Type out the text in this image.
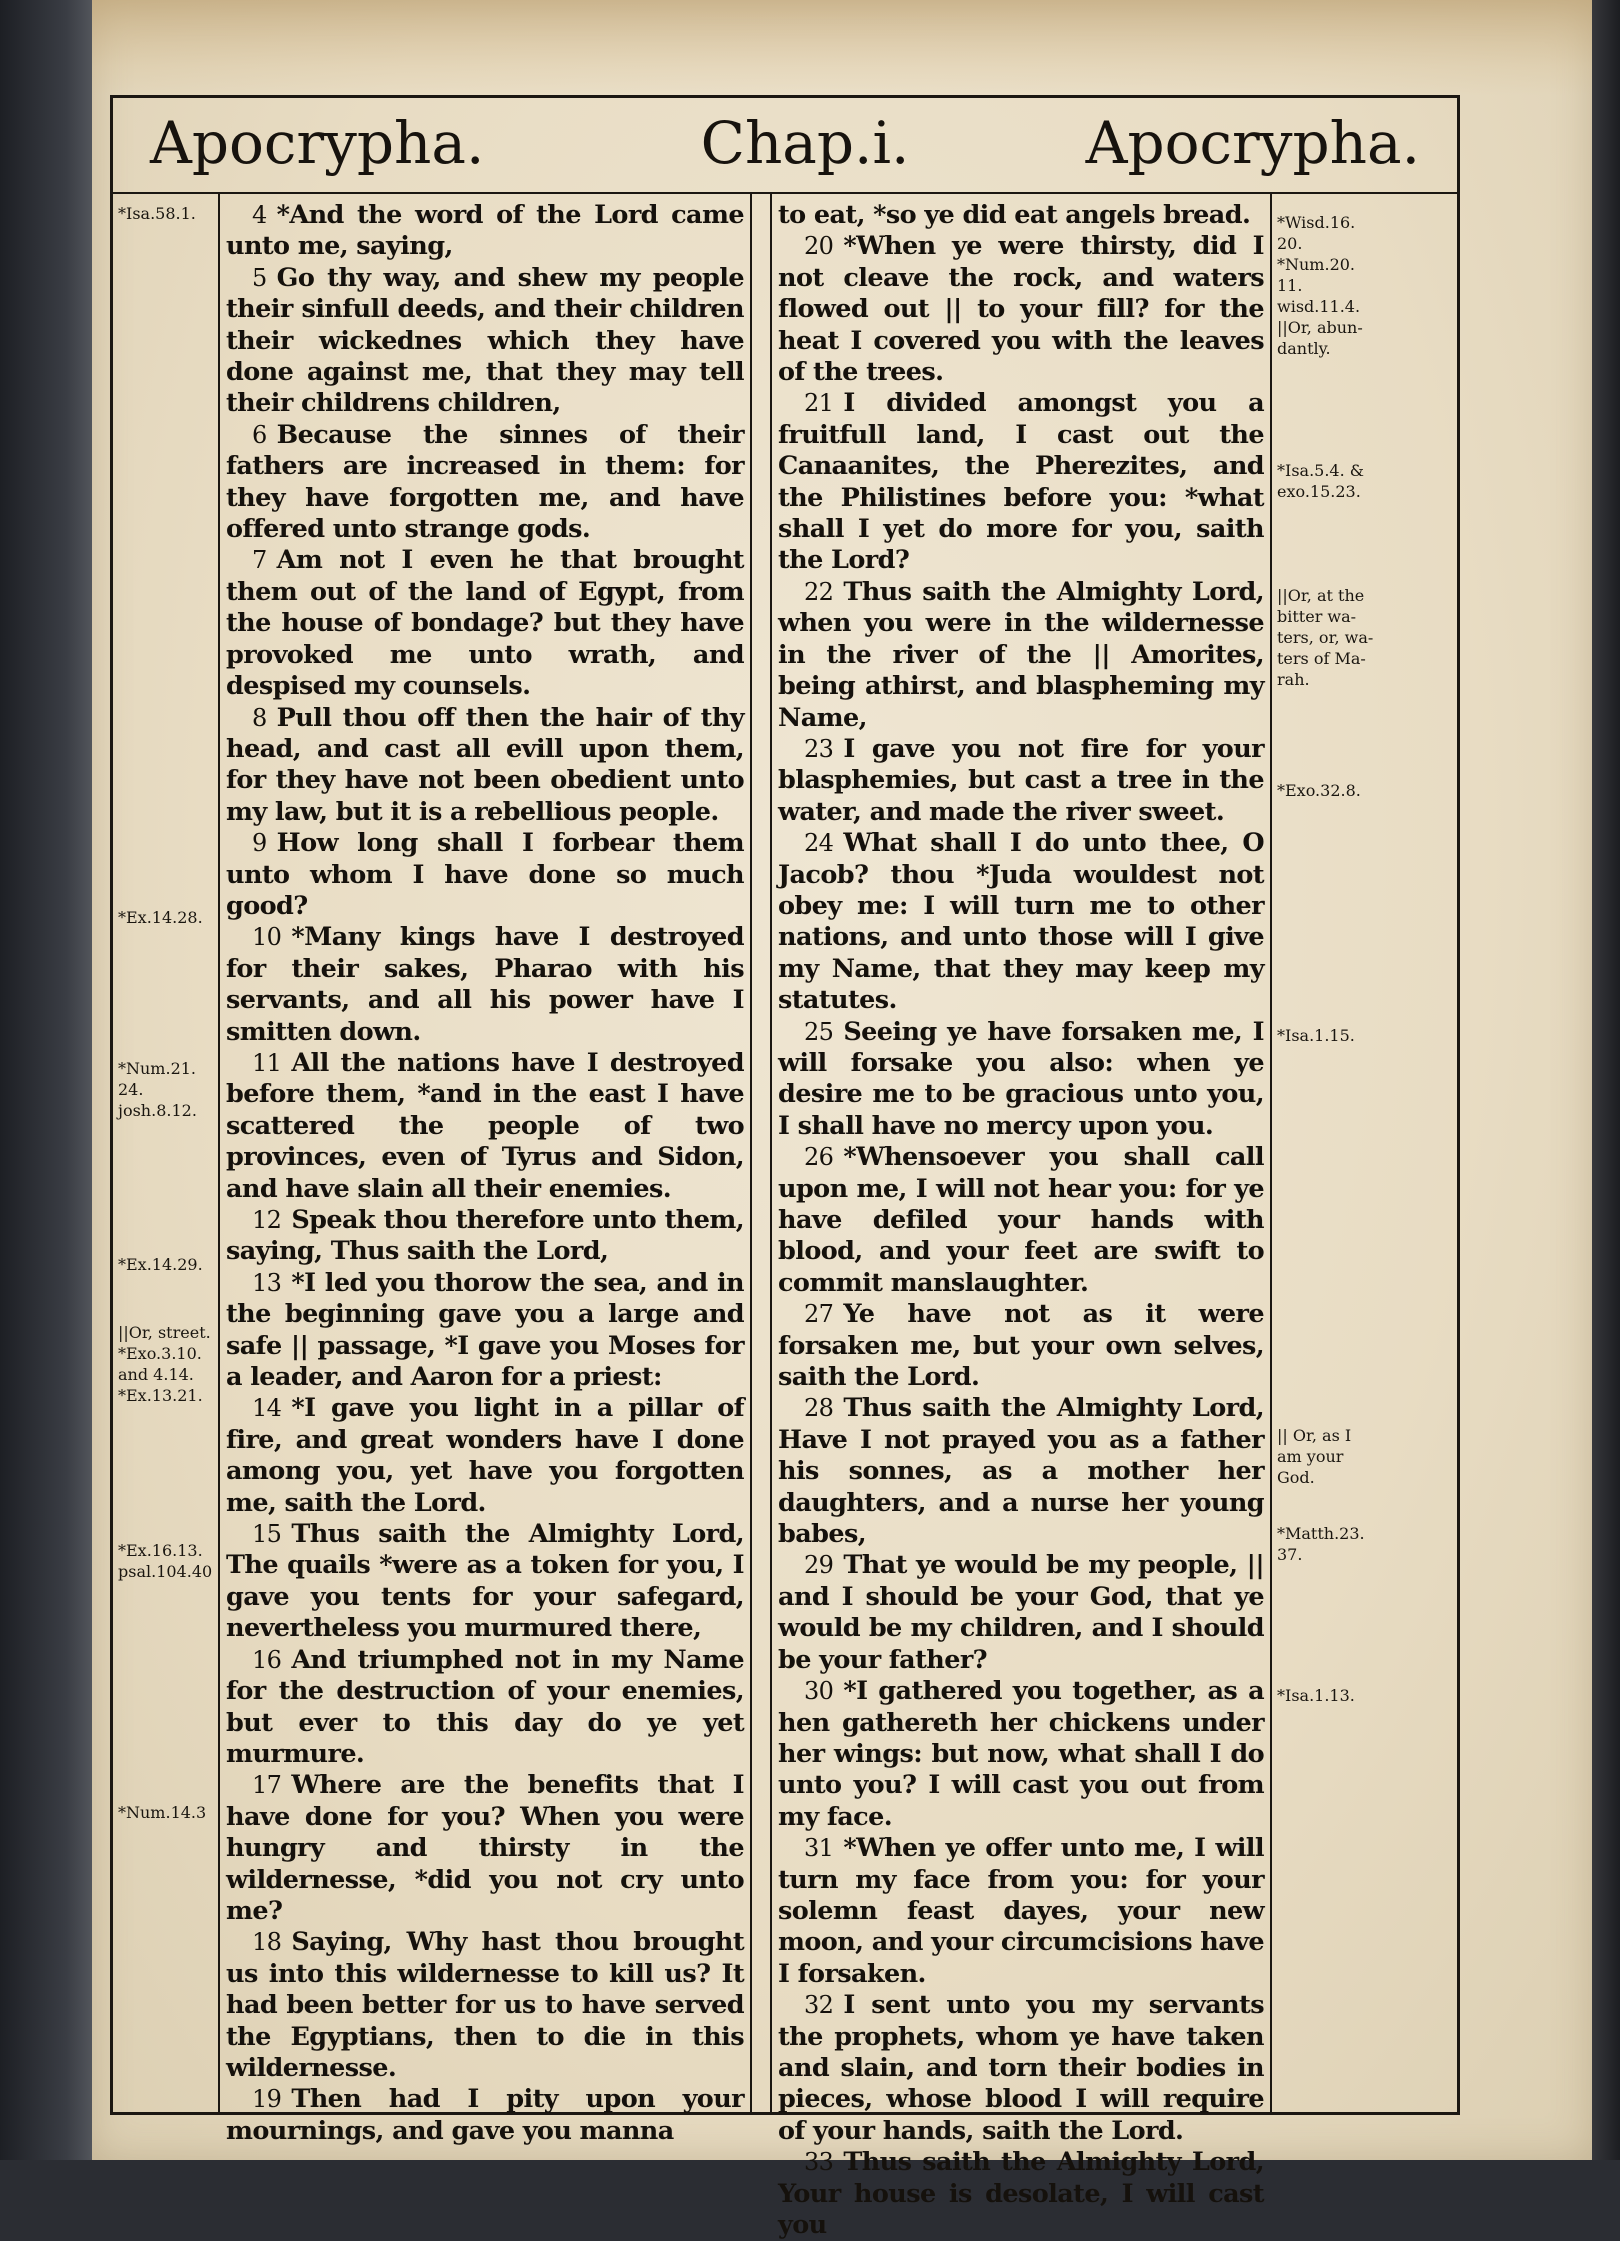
Apocrypha.	Chap.i.	Apocrypha.
*Isa.58.1.
*Ex.14.28.
*Num.21.
24.
josh.8.12.
*Ex.14.29.
||Or, street.
*Exo.3.10.
and 4.14.
*Ex.13.21.
*Ex.16.13.
psal.104.40
*Num.14.3
*Wisd.16.
20.
*Num.20.
11.
wisd.11.4.
||Or, abun-
dantly.
*Isa.5.4. &
exo.15.23.
||Or, at the
bitter wa-
ters, or, wa-
ters of Ma-
rah.
*Exo.32.8.
*Isa.1.15.
|| Or, as I
am your
God.
*Matth.23.
37.
*Isa.1.13.

4 *And the word of the Lord came unto me, saying,

5 Go thy way, and shew my people their sinfull deeds, and their children their wickednes which they have done against me, that they may tell their childrens children,

6 Because the sinnes of their fathers are increased in them: for they have forgotten me, and have offered unto strange gods.

7 Am not I even he that brought them out of the land of Egypt, from the house of bondage? but they have provoked me unto wrath, and despised my counsels.

8 Pull thou off then the hair of thy head, and cast all evill upon them, for they have not been obedient unto my law, but it is a rebellious people.

9 How long shall I forbear them unto whom I have done so much good?

10 *Many kings have I destroyed for their sakes, Pharao with his servants, and all his power have I smitten down.

11 All the nations have I destroyed before them, *and in the east I have scattered the people of two provinces, even of Tyrus and Sidon, and have slain all their enemies.

12 Speak thou therefore unto them, saying, Thus saith the Lord,

13 *I led you thorow the sea, and in the beginning gave you a large and safe || passage, *I gave you Moses for a leader, and Aaron for a priest:

14 *I gave you light in a pillar of fire, and great wonders have I done among you, yet have you forgotten me, saith the Lord.

15 Thus saith the Almighty Lord, The quails *were as a token for you, I gave you tents for your safegard, nevertheless you murmured there,

16 And triumphed not in my Name for the destruction of your enemies, but ever to this day do ye yet murmure.

17 Where are the benefits that I have done for you? When you were hungry and thirsty in the wildernesse, *did you not cry unto me?

18 Saying, Why hast thou brought us into this wildernesse to kill us? It had been better for us to have served the Egyptians, then to die in this wildernesse.

19 Then had I pity upon your mournings, and gave you manna

to eat, *so ye did eat angels bread.

20 *When ye were thirsty, did I not cleave the rock, and waters flowed out || to your fill? for the heat I covered you with the leaves of the trees.

21 I divided amongst you a fruitfull land, I cast out the Canaanites, the Pherezites, and the Philistines before you: *what shall I yet do more for you, saith the Lord?

22 Thus saith the Almighty Lord, when you were in the wildernesse in the river of the || Amorites, being athirst, and blaspheming my Name,

23 I gave you not fire for your blasphemies, but cast a tree in the water, and made the river sweet.

24 What shall I do unto thee, O Jacob? thou *Juda wouldest not obey me: I will turn me to other nations, and unto those will I give my Name, that they may keep my statutes.

25 Seeing ye have forsaken me, I will forsake you also: when ye desire me to be gracious unto you, I shall have no mercy upon you.

26 *Whensoever you shall call upon me, I will not hear you: for ye have defiled your hands with blood, and your feet are swift to commit manslaughter.

27 Ye have not as it were forsaken me, but your own selves, saith the Lord.

28 Thus saith the Almighty Lord, Have I not prayed you as a father his sonnes, as a mother her daughters, and a nurse her young babes,

29 That ye would be my people, || and I should be your God, that ye would be my children, and I should be your father?

30 *I gathered you together, as a hen gathereth her chickens under her wings: but now, what shall I do unto you? I will cast you out from my face.

31 *When ye offer unto me, I will turn my face from you: for your solemn feast dayes, your new moon, and your circumcisions have I forsaken.

32 I sent unto you my servants the prophets, whom ye have taken and slain, and torn their bodies in pieces, whose blood I will require of your hands, saith the Lord.

33 Thus saith the Almighty Lord, Your house is desolate, I will cast you
